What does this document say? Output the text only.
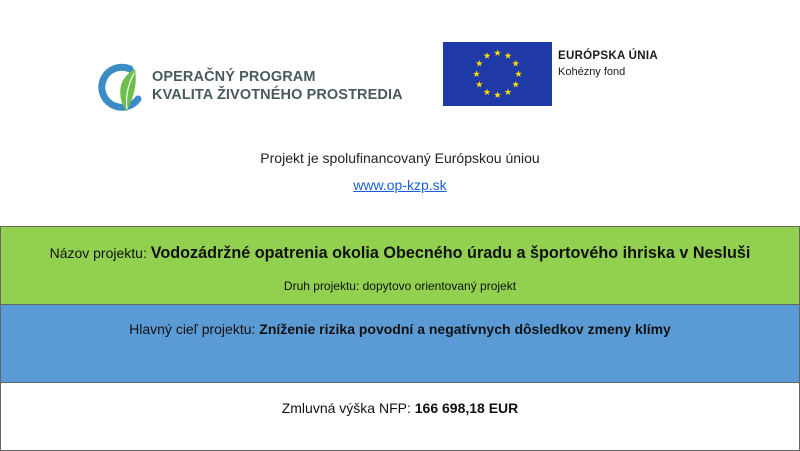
OPERAČNÝ PROGRAM
KVALITA ŽIVOTNÉHO PROSTREDIA
EURÓPSKA ÚNIA
Kohézny fond
Projekt je spolufinancovaný Európskou úniou
www.op-kzp.sk
Názov projektu: Vodozádržné opatrenia okolia Obecného úradu a športového ihriska v Nesluši
Druh projektu: dopytovo orientovaný projekt
Hlavný cieľ projektu: Zníženie rizika povodní a negatívnych dôsledkov zmeny klímy
Zmluvná výška NFP: 166 698,18 EUR
